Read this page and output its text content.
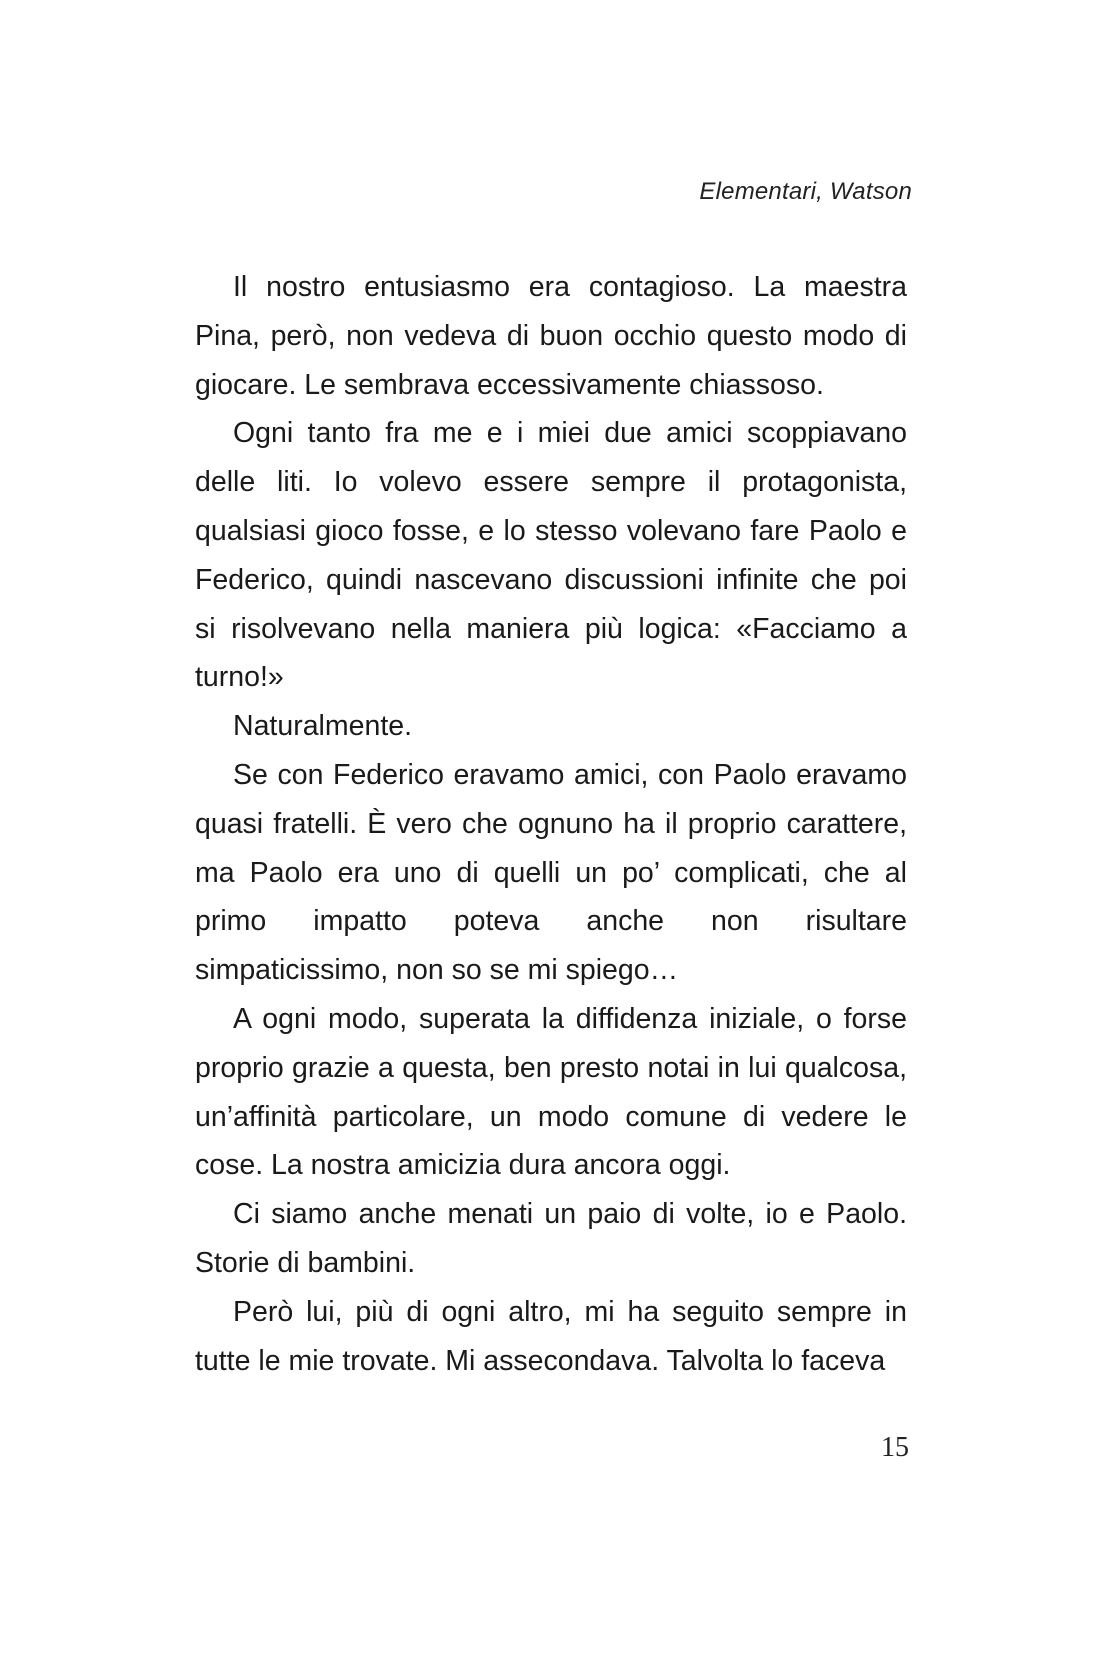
Elementari, Watson

Il nostro entusiasmo era contagioso. La maestra Pina, però, non vedeva di buon occhio questo modo di giocare. Le sembrava eccessivamente chiassoso.

Ogni tanto fra me e i miei due amici scoppiavano delle liti. Io volevo essere sempre il protagonista, qualsiasi gioco fosse, e lo stesso volevano fare Paolo e Federico, quindi nascevano discussioni infinite che poi si risolvevano nella maniera più logica: «Facciamo a turno!»

Naturalmente.

Se con Federico eravamo amici, con Paolo eravamo quasi fratelli. È vero che ognuno ha il proprio carattere, ma Paolo era uno di quelli un po’ complicati, che al primo impatto poteva anche non risultare simpaticissimo, non so se mi spiego…

A ogni modo, superata la diffidenza iniziale, o forse proprio grazie a questa, ben presto notai in lui qualcosa, un’affinità particolare, un modo comune di vedere le cose. La nostra amicizia dura ancora oggi.

Ci siamo anche menati un paio di volte, io e Paolo. Storie di bambini.

Però lui, più di ogni altro, mi ha seguito sempre in tutte le mie trovate. Mi assecondava. Talvolta lo faceva

15
